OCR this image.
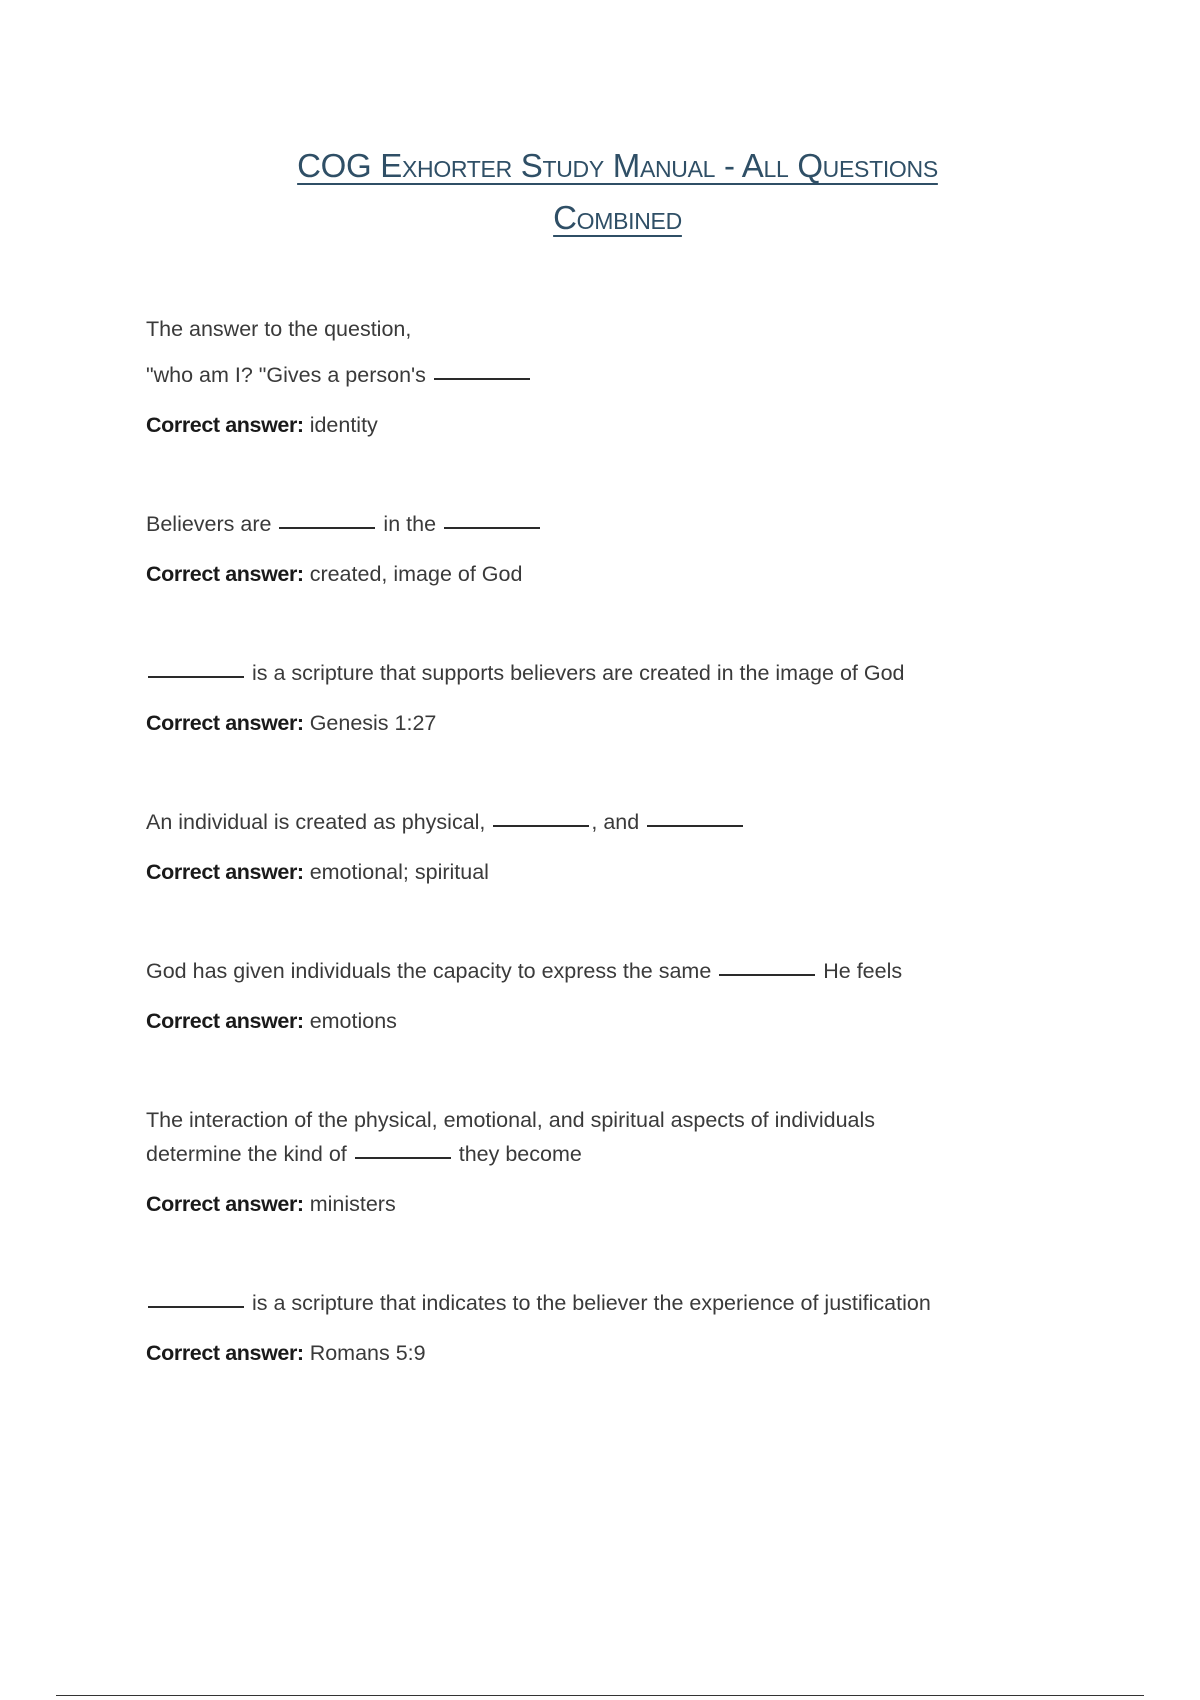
COG Exhorter Study Manual - All Questions
Combined

The answer to the question,
"who am I? "Gives a person's

Correct answer: identity

Believers are	in the

Correct answer: created, image of God

is a scripture that supports believers are created in the image of God

Correct answer: Genesis 1:27

An individual is created as physical,	, and

Correct answer: emotional; spiritual

God has given individuals the capacity to express the same	He feels

Correct answer: emotions

The interaction of the physical, emotional, and spiritual aspects of individuals
determine the kind of	they become

Correct answer: ministers

is a scripture that indicates to the believer the experience of justification

Correct answer: Romans 5:9
